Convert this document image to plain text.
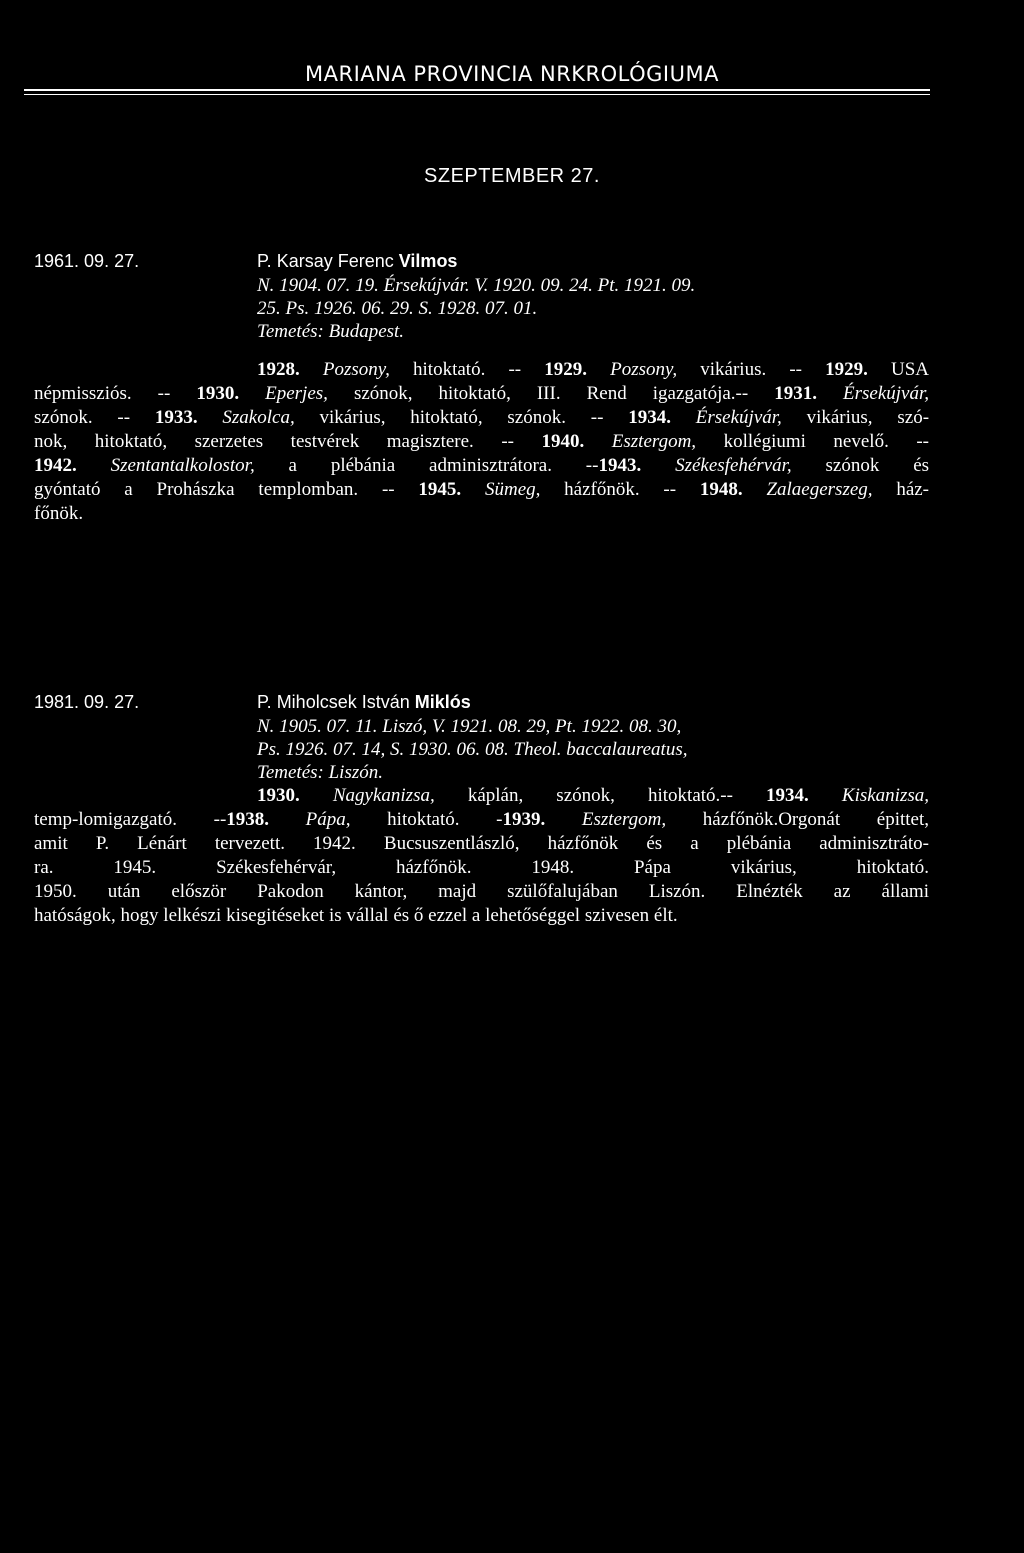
MARIANA PROVINCIA NRKROLÓGIUMA
SZEPTEMBER 27.
1961. 09. 27.	P. Karsay Ferenc Vilmos
N. 1904. 07. 19. Érsekújvár. V. 1920. 09. 24. Pt. 1921. 09.
25. Ps. 1926. 06. 29. S. 1928. 07. 01.
Temetés: Budapest.
1928. Pozsony, hitoktató. -- 1929. Pozsony, vikárius. -- 1929. USA
népmissziós. -- 1930. Eperjes, szónok, hitoktató, III. Rend igazgatója.-- 1931. Érsekújvár,
szónok. -- 1933. Szakolca, vikárius, hitoktató, szónok. -- 1934. Érsekújvár, vikárius, szó-
nok, hitoktató, szerzetes testvérek magisztere. -- 1940. Esztergom, kollégiumi nevelő. --
1942. Szentantalkolostor, a plébánia adminisztrátora. --1943. Székesfehérvár, szónok és
gyóntató a Prohászka templomban. -- 1945. Sümeg, házfőnök. -- 1948. Zalaegerszeg, ház-
főnök.
1981. 09. 27.	P. Miholcsek István Miklós
N. 1905. 07. 11. Liszó, V. 1921. 08. 29, Pt. 1922. 08. 30,
Ps. 1926. 07. 14, S. 1930. 06. 08. Theol. baccalaureatus,
Temetés: Liszón.
1930. Nagykanizsa, káplán, szónok, hitoktató.-- 1934. Kiskanizsa,
temp-lomigazgató. --1938. Pápa, hitoktató. -1939. Esztergom, házfőnök.Orgonát épittet,
amit P. Lénárt tervezett. 1942. Bucsuszentlászló, házfőnök és a plébánia adminisztráto-
ra. 1945. Székesfehérvár, házfőnök. 1948. Pápa vikárius, hitoktató.
1950. után először Pakodon kántor, majd szülőfalujában Liszón. Elnézték az állami
hatóságok, hogy lelkészi kisegitéseket is vállal és ő ezzel a lehetőséggel szivesen élt.
